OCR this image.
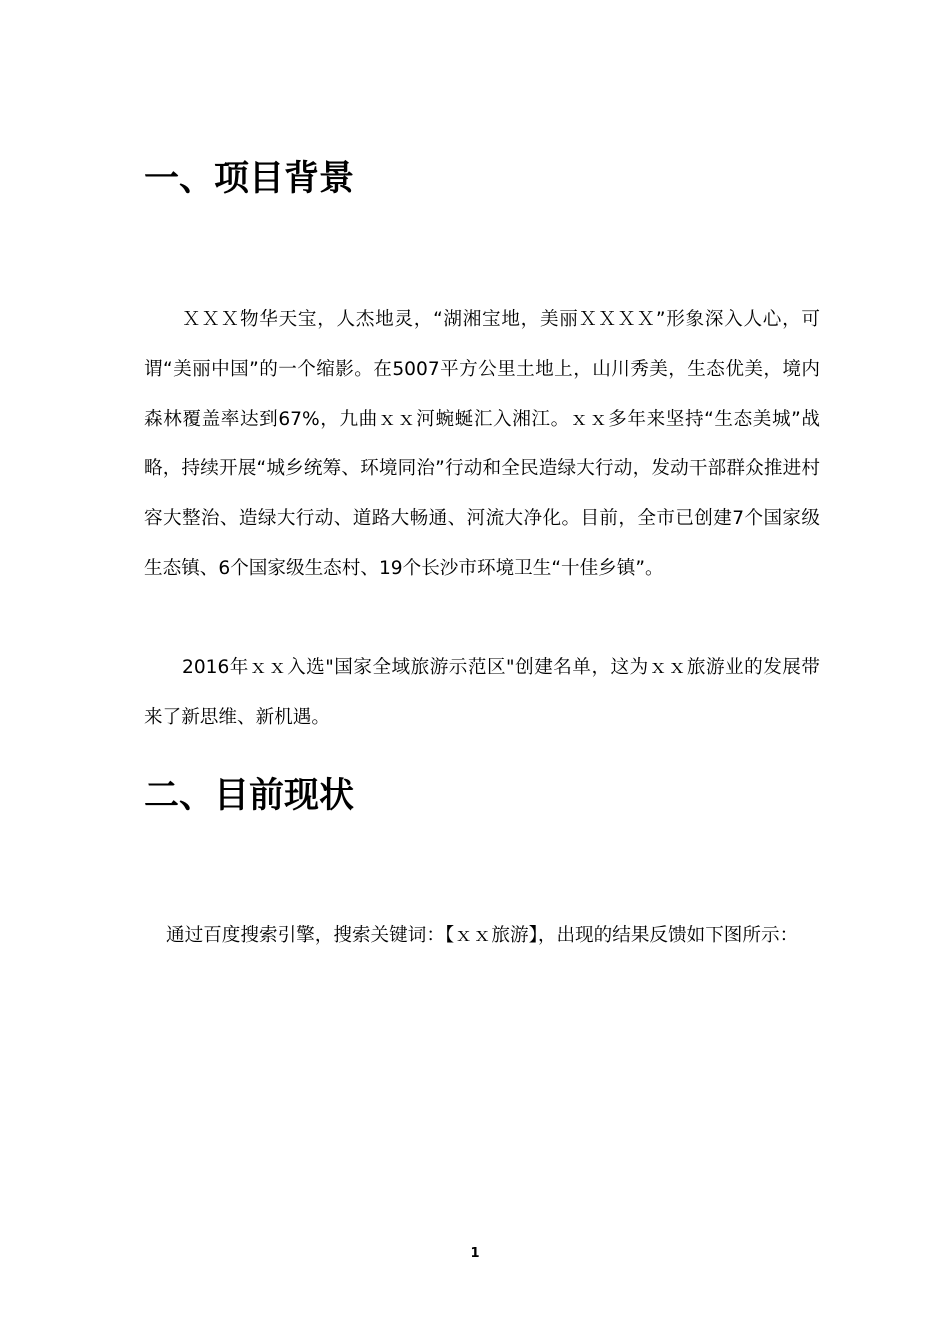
一、项目背景

ＸＸＸ物华天宝，人杰地灵，“湖湘宝地，美丽ＸＸＸＸ”形象深入人心，可谓“美丽中国”的一个缩影。在5007平方公里土地上，山川秀美，生态优美，境内森林覆盖率达到67%，九曲ｘｘ河蜿蜒汇入湘江。ｘｘ多年来坚持“生态美城”战略，持续开展“城乡统筹、环境同治”行动和全民造绿大行动，发动干部群众推进村容大整治、造绿大行动、道路大畅通、河流大净化。目前，全市已创建7个国家级生态镇、6个国家级生态村、19个长沙市环境卫生“十佳乡镇”。

2016年ｘｘ入选"国家全域旅游示范区"创建名单，这为ｘｘ旅游业的发展带来了新思维、新机遇。

二、目前现状

通过百度搜索引擎，搜索关键词：【ｘｘ旅游】，出现的结果反馈如下图所示：

1
